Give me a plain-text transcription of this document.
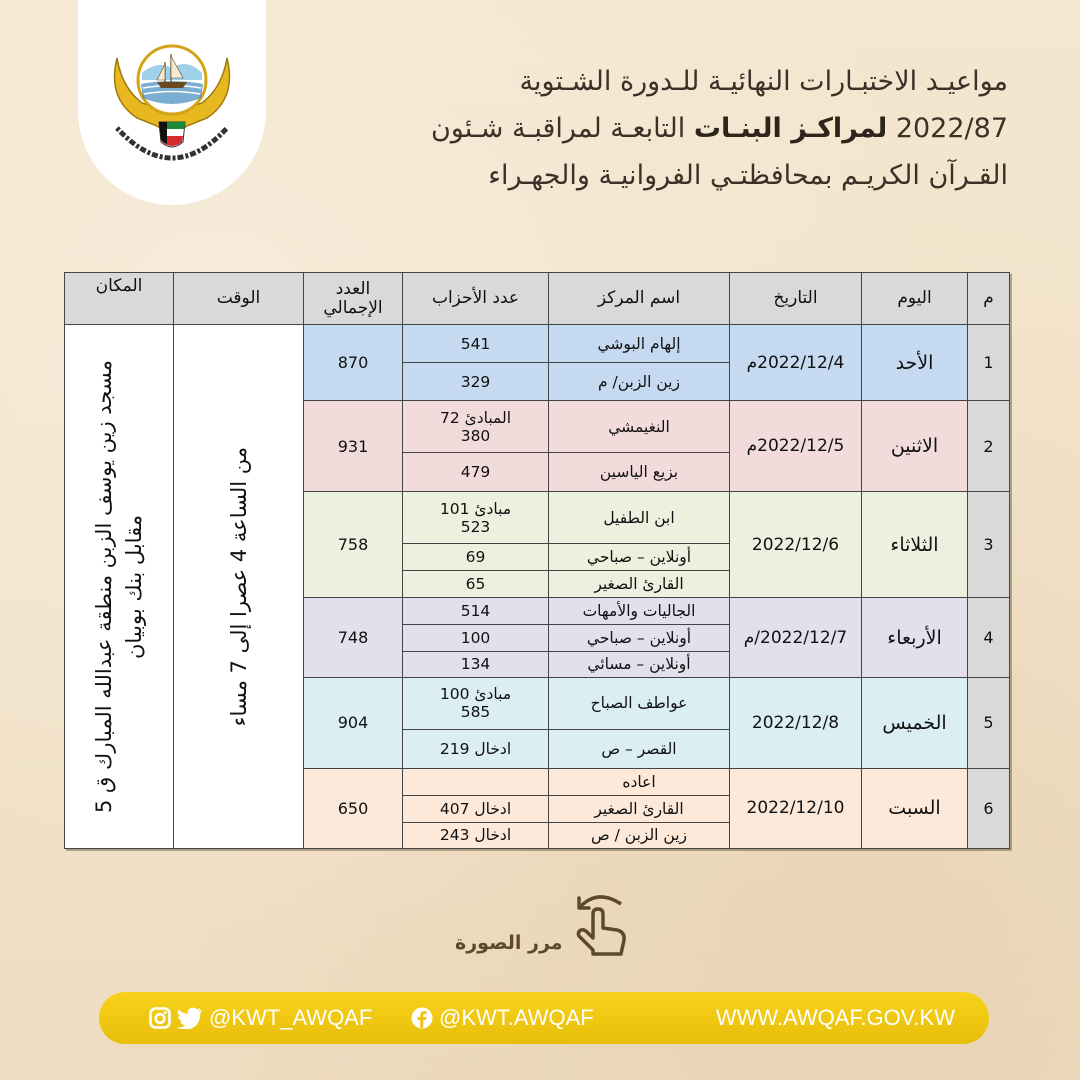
مواعيـد الاختبـارات النهائيـة للـدورة الشـتوية
2022/87 لمراكـز البنـات التابعـة لمراقبـة شـئون
القـرآن الكريـم بمحافظتـي الفروانيـة والجهـراء
م	اليوم	التاريخ	اسم المركز	عدد الأحزاب	العدد
الإجمالي	الوقت	المكان
1	الأحد	2022/12/4م	إلهام البوشي	541	870	من الساعة 4 عصرا إلى 7 مساء	مسجد زين يوسف الزبن منطقة عبدالله المبارك ق 5 مقابل بنك بوبيان

			زين الزبن/ م	329			
2	الاثنين	2022/12/5م	النغيمشي	المبادئ 72
380	931		
			بزيع الياسين	479			
3	الثلاثاء	2022/12/6	ابن الطفيل	مبادئ 101
523	758		
			أونلاين – صباحي	69			
			القارئ الصغير	65			
4	الأربعاء	2022/12/7/م	الجاليات والأمهات	514	748		
			أونلاين – صباحي	100			
			أونلاين – مسائي	134			
5	الخميس	2022/12/8	عواطف الصباح	مبادئ 100
585	904		
			القصر – ص	ادخال 219			
6	السبت	2022/12/10	اعاده		650		
			القارئ الصغير	ادخال 407			
			زين الزبن / ص	ادخال 243			
مرر الصورة
@KWT_AWQAF	@KWT.AWQAF	WWW.AWQAF.GOV.KW
